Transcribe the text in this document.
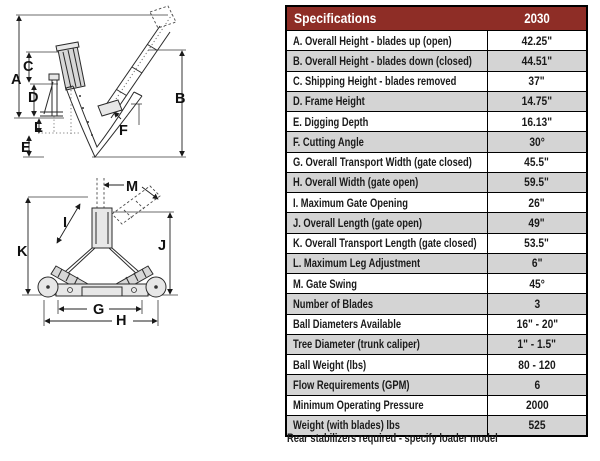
A
C
D
L
E
B
F
M
I
K	J
G
H
Specifications	2030
A. Overall Height - blades up (open)	42.25"
B. Overall Height - blades down (closed)	44.51"
C. Shipping Height - blades removed	37"
D. Frame Height	14.75"
E. Digging Depth	16.13"
F. Cutting Angle	30°
G. Overall Transport Width (gate closed)	45.5"
H. Overall Width (gate open)	59.5"
I. Maximum Gate Opening	26"
J. Overall Length (gate open)	49"
K. Overall Transport Length (gate closed)	53.5"
L. Maximum Leg Adjustment	6"
M. Gate Swing	45°
Number of Blades	3
Ball Diameters Available	16" - 20"
Tree Diameter (trunk caliper)	1" - 1.5"
Ball Weight (lbs)	80 - 120
Flow Requirements (GPM)	6
Minimum Operating Pressure	2000
Weight (with blades) lbs	525
Rear stabilizers required - specify loader model
